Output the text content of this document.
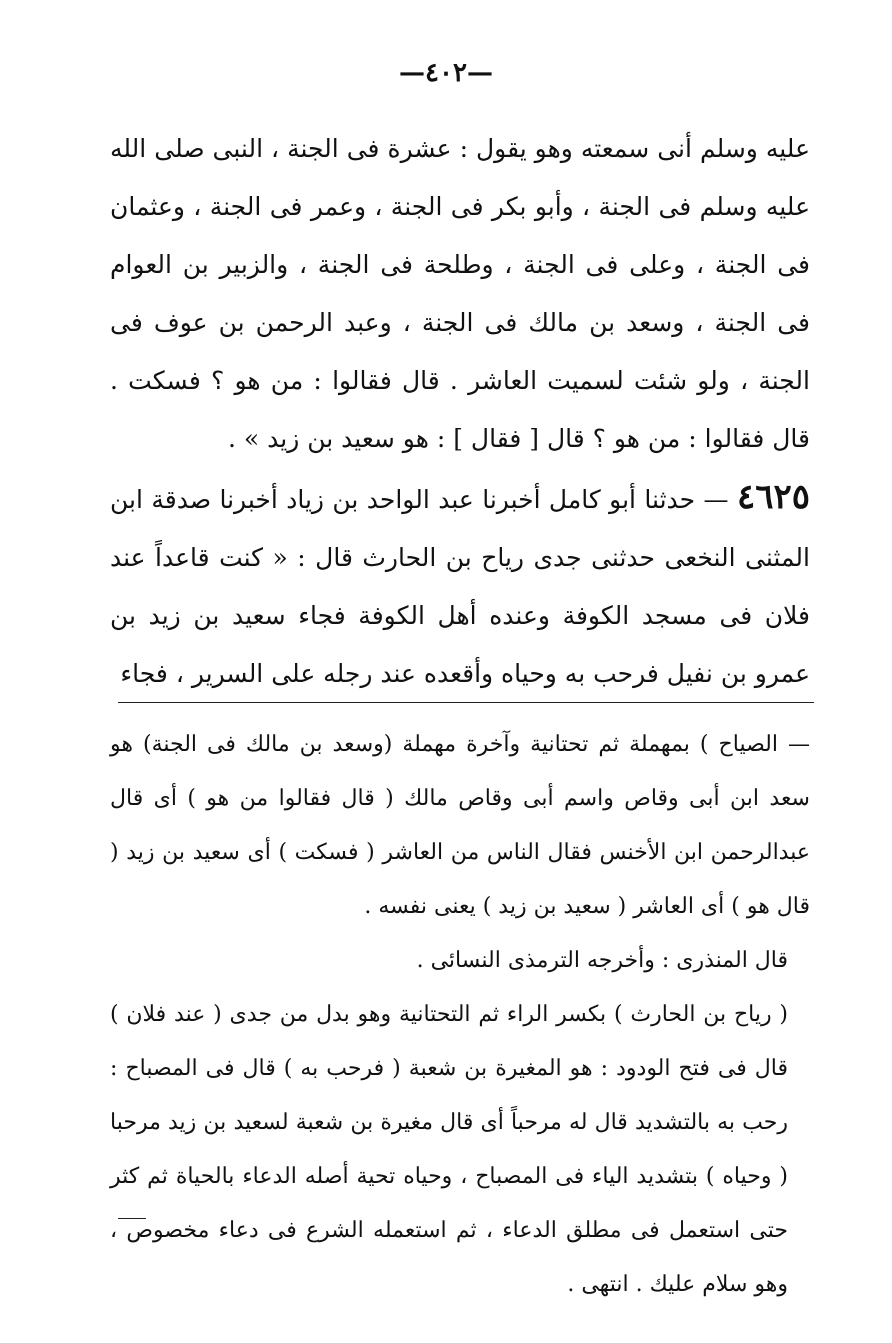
—٤٠٢—
عليه وسلم أنى سمعته وهو يقول : عشرة فى الجنة ، النبى صلى الله عليه وسلم فى الجنة ، وأبو بكر فى الجنة ، وعمر فى الجنة ، وعثمان فى الجنة ، وعلى فى الجنة ، وطلحة فى الجنة ، والزبير بن العوام فى الجنة ، وسعد بن مالك فى الجنة ، وعبد الرحمن بن عوف فى الجنة ، ولو شئت لسميت العاشر . قال فقالوا : من هو ؟ فسكت . قال فقالوا : من هو ؟ قال [ فقال ] : هو سعيد بن زيد » .
٤٦٢٥ — حدثنا أبو كامل أخبرنا عبد الواحد بن زياد أخبرنا صدقة ابن المثنى النخعى حدثنى جدى رياح بن الحارث قال : « كنت قاعداً عند فلان فى مسجد الكوفة وعنده أهل الكوفة فجاء سعيد بن زيد بن عمرو بن نفيل فرحب به وحياه وأقعده عند رجله على السرير ، فجاء

— الصياح ) بمهملة ثم تحتانية وآخرة مهملة (وسعد بن مالك فى الجنة) هو سعد ابن أبى وقاص واسم أبى وقاص مالك ( قال فقالوا من هو ) أى قال عبدالرحمن ابن الأخنس فقال الناس من العاشر ( فسكت ) أى سعيد بن زيد ( قال هو ) أى العاشر ( سعيد بن زيد ) يعنى نفسه .

قال المنذرى : وأخرجه الترمذى النسائى .

( رياح بن الحارث ) بكسر الراء ثم التحتانية وهو بدل من جدى ( عند فلان ) قال فى فتح الودود : هو المغيرة بن شعبة ( فرحب به ) قال فى المصباح : رحب به بالتشديد قال له مرحباً أى قال مغيرة بن شعبة لسعيد بن زيد مرحبا ( وحياه ) بتشديد الياء فى المصباح ، وحياه تحية أصله الدعاء بالحياة ثم كثر حتى استعمل فى مطلق الدعاء ، ثم استعمله الشرع فى دعاء مخصوص ، وهو سلام عليك . انتهى .
